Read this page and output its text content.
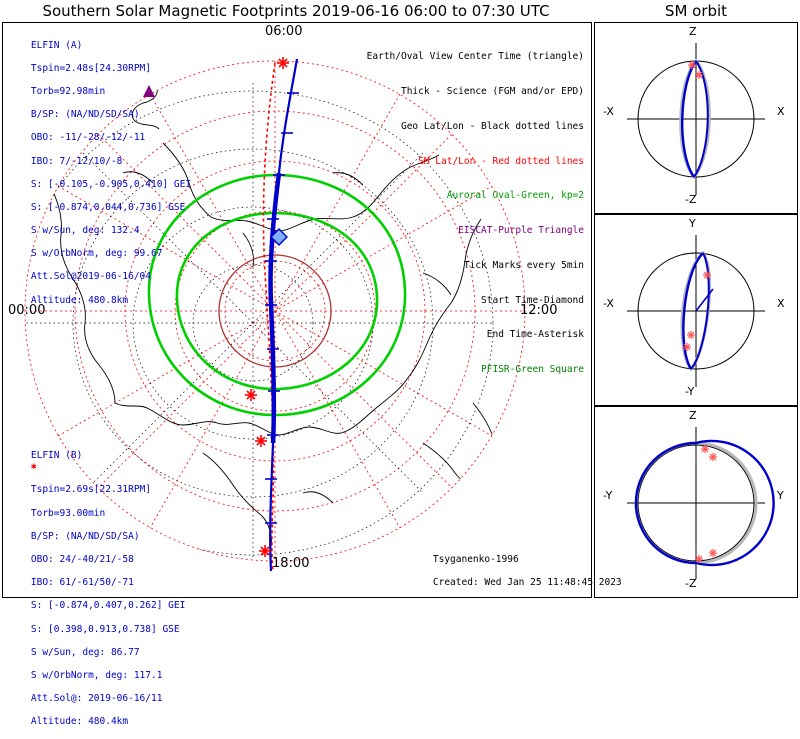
Southern Solar Magnetic Footprints 2019-06-16 06:00 to 07:30 UTC	SM orbit
06:00
12:00
18:00
00:00

ELFIN (A)

Tspin=2.48s[24.30RPM]

Torb=92.98min

B/SP: (NA/ND/SD/SA)

OBO: -11/-28/-12/-11

IBO: 7/-12/10/-8

S: [-0.105,-0.905,0.410] GEI

S: [-0.874,0.044,0.736] GSE

S w/Sun, deg: 132.4

S w/OrbNorm, deg: 99.67

Att.Sol@2019-06-16/04

Altitude: 480.8km

ELFIN (B)
✱

Tspin=2.69s[22.31RPM]

Torb=93.00min

B/SP: (NA/ND/SD/SA)

OBO: 24/-40/21/-58

IBO: 61/-61/50/-71

S: [-0.874,0.407,0.262] GEI

S: [0.398,0.913,0.738] GSE

S w/Sun, deg: 86.77

S w/OrbNorm, deg: 117.1

Att.Sol@: 2019-06-16/11

Altitude: 480.4km

Earth/Oval View Center Time (triangle)

Thick - Science (FGM and/or EPD)

Geo Lat/Lon - Black dotted lines

SM Lat/Lon - Red dotted lines

Auroral Oval-Green, kp=2

EISCAT-Purple Triangle

Tick Marks every 5min

Start Time-Diamond

End Time-Asterisk

PFISR-Green Square

Tsyganenko-1996

Created: Wed Jan 25 11:48:45 2023

Z
-X	X
-Z
Y
-X	X
-Y
Z
-Y	Y
-Z
